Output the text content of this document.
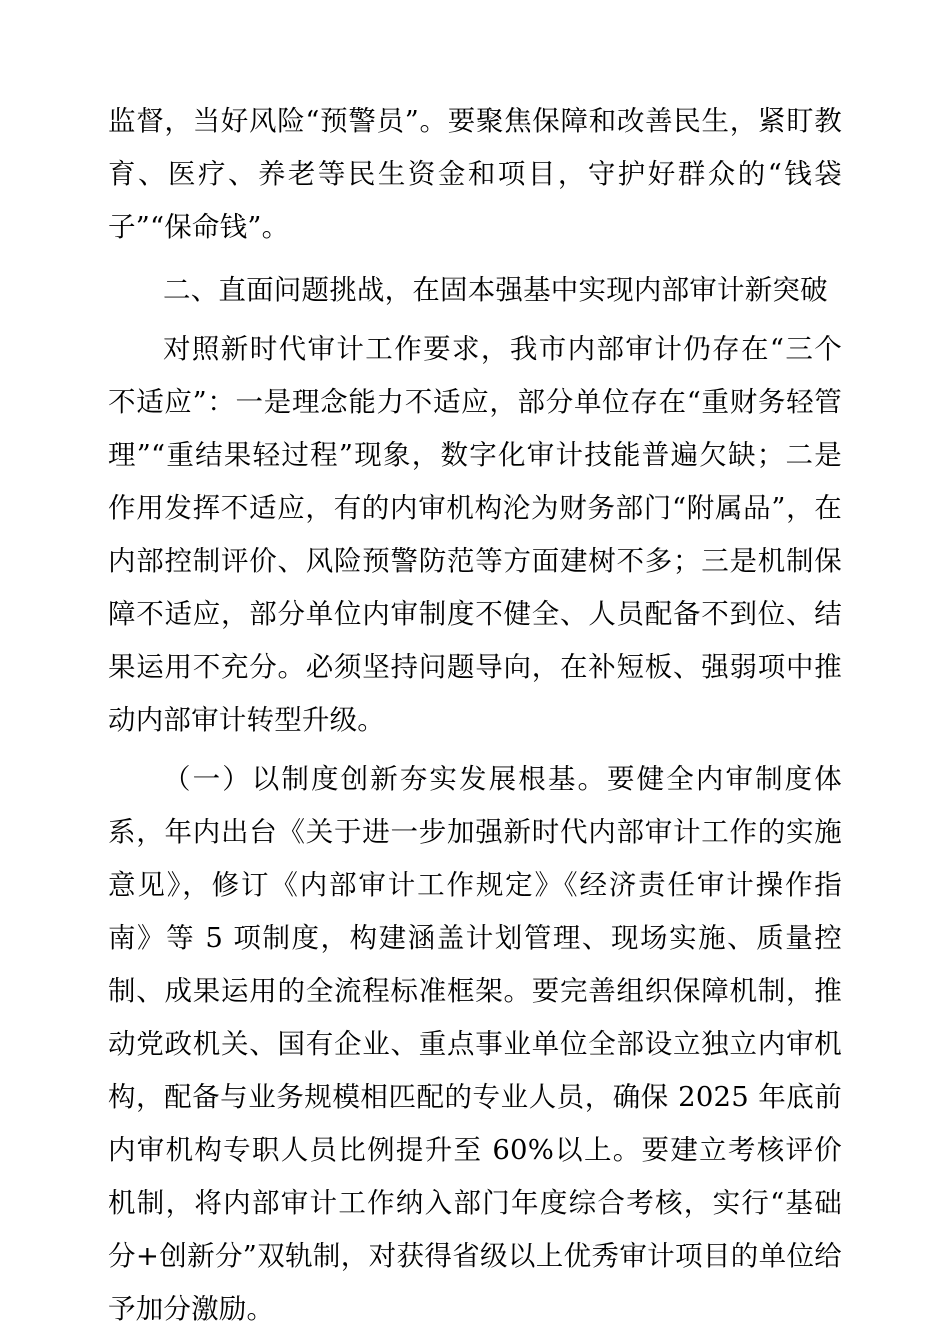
监督，当好风险“预警员”。要聚焦保障和改善民生，紧盯教育、医疗、养老等民生资金和项目，守护好群众的“钱袋子”“保命钱”。

二、直面问题挑战，在固本强基中实现内部审计新突破

对照新时代审计工作要求，我市内部审计仍存在“三个不适应”：一是理念能力不适应，部分单位存在“重财务轻管理”“重结果轻过程”现象，数字化审计技能普遍欠缺；二是作用发挥不适应，有的内审机构沦为财务部门“附属品”，在内部控制评价、风险预警防范等方面建树不多；三是机制保障不适应，部分单位内审制度不健全、人员配备不到位、结果运用不充分。必须坚持问题导向，在补短板、强弱项中推动内部审计转型升级。

（一）以制度创新夯实发展根基。要健全内审制度体系，年内出台《关于进一步加强新时代内部审计工作的实施意见》，修订《内部审计工作规定》《经济责任审计操作指南》等 5 项制度，构建涵盖计划管理、现场实施、质量控制、成果运用的全流程标准框架。要完善组织保障机制，推动党政机关、国有企业、重点事业单位全部设立独立内审机构，配备与业务规模相匹配的专业人员，确保 2025 年底前内审机构专职人员比例提升至 60%以上。要建立考核评价机制，将内部审计工作纳入部门年度综合考核，实行“基础分+创新分”双轨制，对获得省级以上优秀审计项目的单位给予加分激励。
